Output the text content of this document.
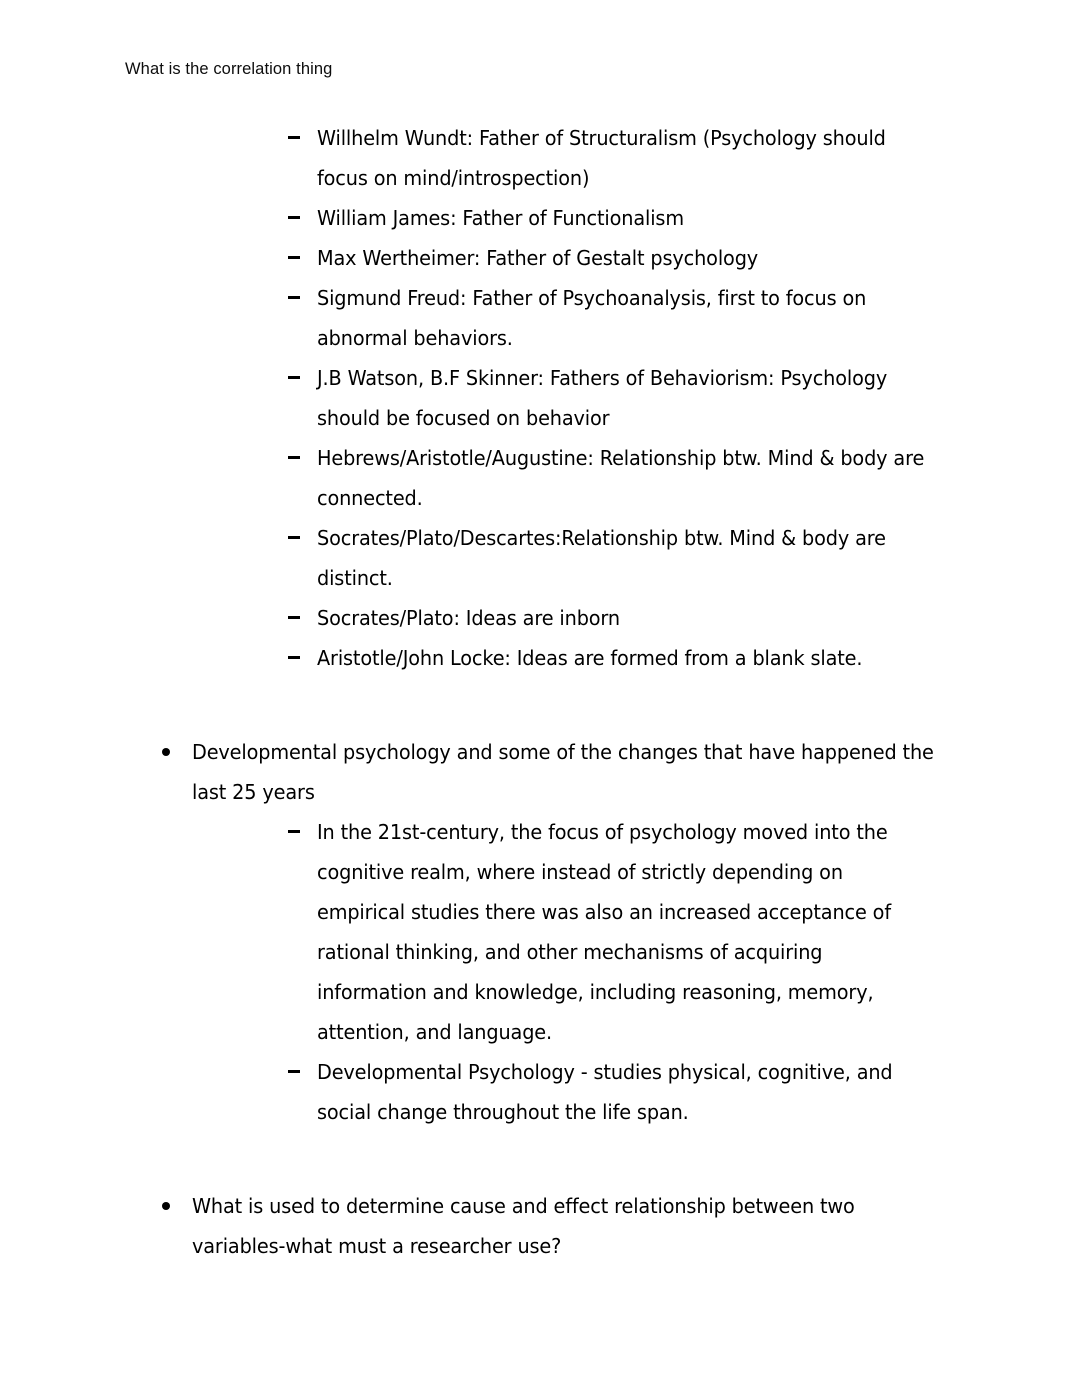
What is the correlation thing
Willhelm Wundt: Father of Structuralism (Psychology should
focus on mind/introspection)
William James: Father of Functionalism
Max Wertheimer: Father of Gestalt psychology
Sigmund Freud: Father of Psychoanalysis, first to focus on
abnormal behaviors.
J.B Watson, B.F Skinner: Fathers of Behaviorism: Psychology
should be focused on behavior
Hebrews/Aristotle/Augustine: Relationship btw. Mind & body are
connected.
Socrates/Plato/Descartes:Relationship btw. Mind & body are
distinct.
Socrates/Plato: Ideas are inborn
Aristotle/John Locke: Ideas are formed from a blank slate.
Developmental psychology and some of the changes that have happened the
last 25 years
In the 21st-century, the focus of psychology moved into the
cognitive realm, where instead of strictly depending on
empirical studies there was also an increased acceptance of
rational thinking, and other mechanisms of acquiring
information and knowledge, including reasoning, memory,
attention, and language.
Developmental Psychology - studies physical, cognitive, and
social change throughout the life span.
What is used to determine cause and effect relationship between two
variables-what must a researcher use?
